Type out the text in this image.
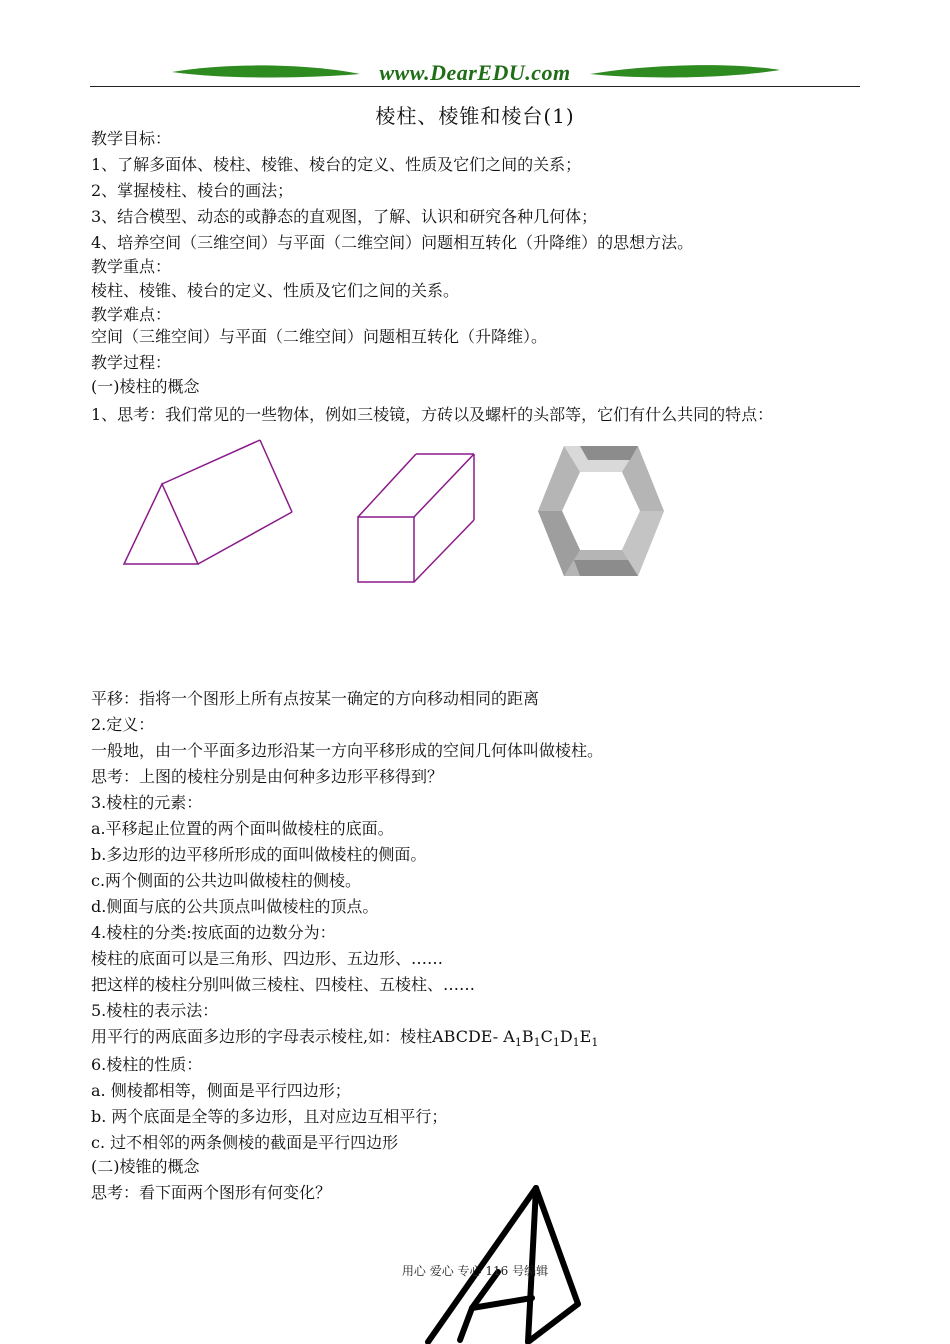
www.DearEDU.com
棱柱、棱锥和棱台(1)
教学目标：
1、了解多面体、棱柱、棱锥、棱台的定义、性质及它们之间的关系；
2、掌握棱柱、棱台的画法；
3、结合模型、动态的或静态的直观图，了解、认识和研究各种几何体；
4、培养空间（三维空间）与平面（二维空间）问题相互转化（升降维）的思想方法。
教学重点：
棱柱、棱锥、棱台的定义、性质及它们之间的关系。
教学难点：
空间（三维空间）与平面（二维空间）问题相互转化（升降维）。
教学过程：
(一)棱柱的概念
1、思考：我们常见的一些物体，例如三棱镜，方砖以及螺杆的头部等，它们有什么共同的特点：
平移：指将一个图形上所有点按某一确定的方向移动相同的距离
2.定义：
一般地，由一个平面多边形沿某一方向平移形成的空间几何体叫做棱柱。
思考：上图的棱柱分别是由何种多边形平移得到？
3.棱柱的元素：
a.平移起止位置的两个面叫做棱柱的底面。
b.多边形的边平移所形成的面叫做棱柱的侧面。
c.两个侧面的公共边叫做棱柱的侧棱。
d.侧面与底的公共顶点叫做棱柱的顶点。
4.棱柱的分类:按底面的边数分为：
棱柱的底面可以是三角形、四边形、五边形、……
把这样的棱柱分别叫做三棱柱、四棱柱、五棱柱、……
5.棱柱的表示法：
用平行的两底面多边形的字母表示棱柱,如：棱柱ABCDE- $A_1B_1C_1D_1E_1$
6.棱柱的性质：
a. 侧棱都相等，侧面是平行四边形；
b. 两个底面是全等的多边形，且对应边互相平行；
c. 过不相邻的两条侧棱的截面是平行四边形
(二)棱锥的概念
思考：看下面两个图形有何变化？
用心 爱心 专心 116 号编辑
